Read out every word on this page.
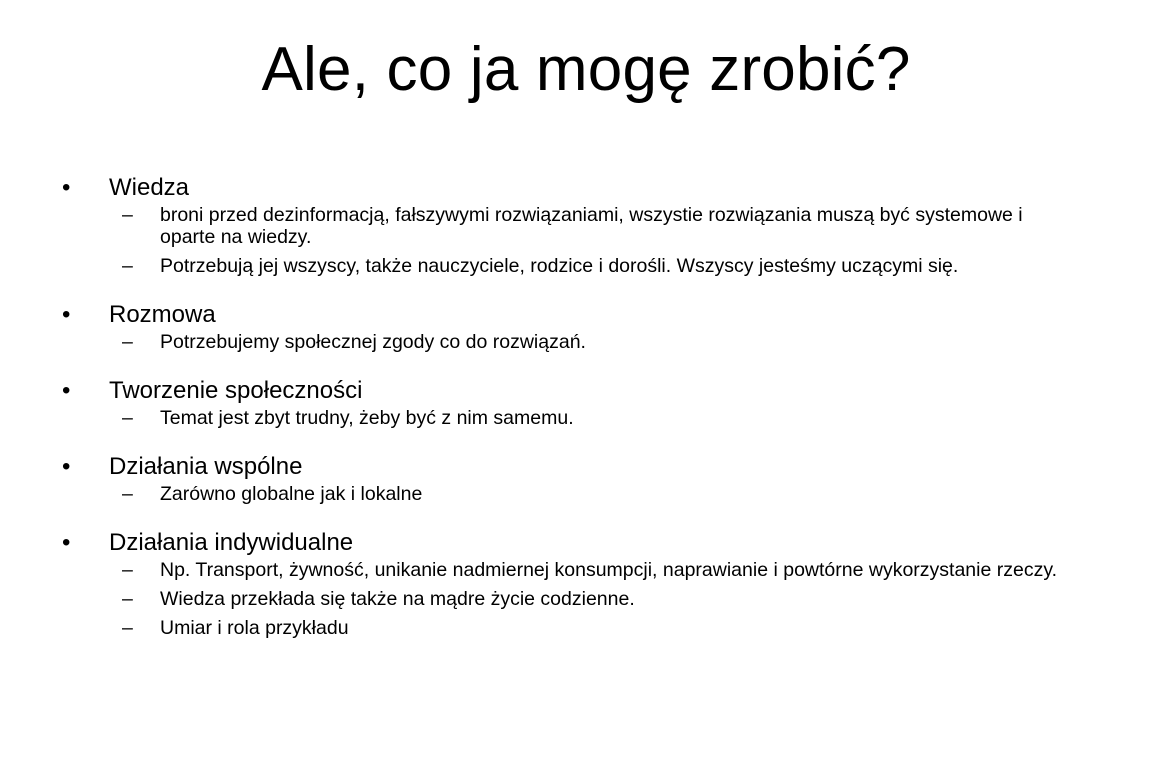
Ale, co ja mogę zrobić?
•	Wiedza
– broni przed dezinformacją, fałszywymi rozwiązaniami, wszystie rozwiązania muszą być systemowe i oparte na wiedzy.
– Potrzebują jej wszyscy, także nauczyciele, rodzice i dorośli. Wszyscy jesteśmy uczącymi się.
•	Rozmowa
– Potrzebujemy społecznej zgody co do rozwiązań.
•	Tworzenie społeczności
– Temat jest zbyt trudny, żeby być z nim samemu.
•	Działania wspólne
– Zarówno globalne jak i lokalne
•	Działania indywidualne
– Np. Transport, żywność, unikanie nadmiernej konsumpcji, naprawianie i powtórne wykorzystanie rzeczy.
– Wiedza przekłada się także na mądre życie codzienne.
– Umiar i rola przykładu
